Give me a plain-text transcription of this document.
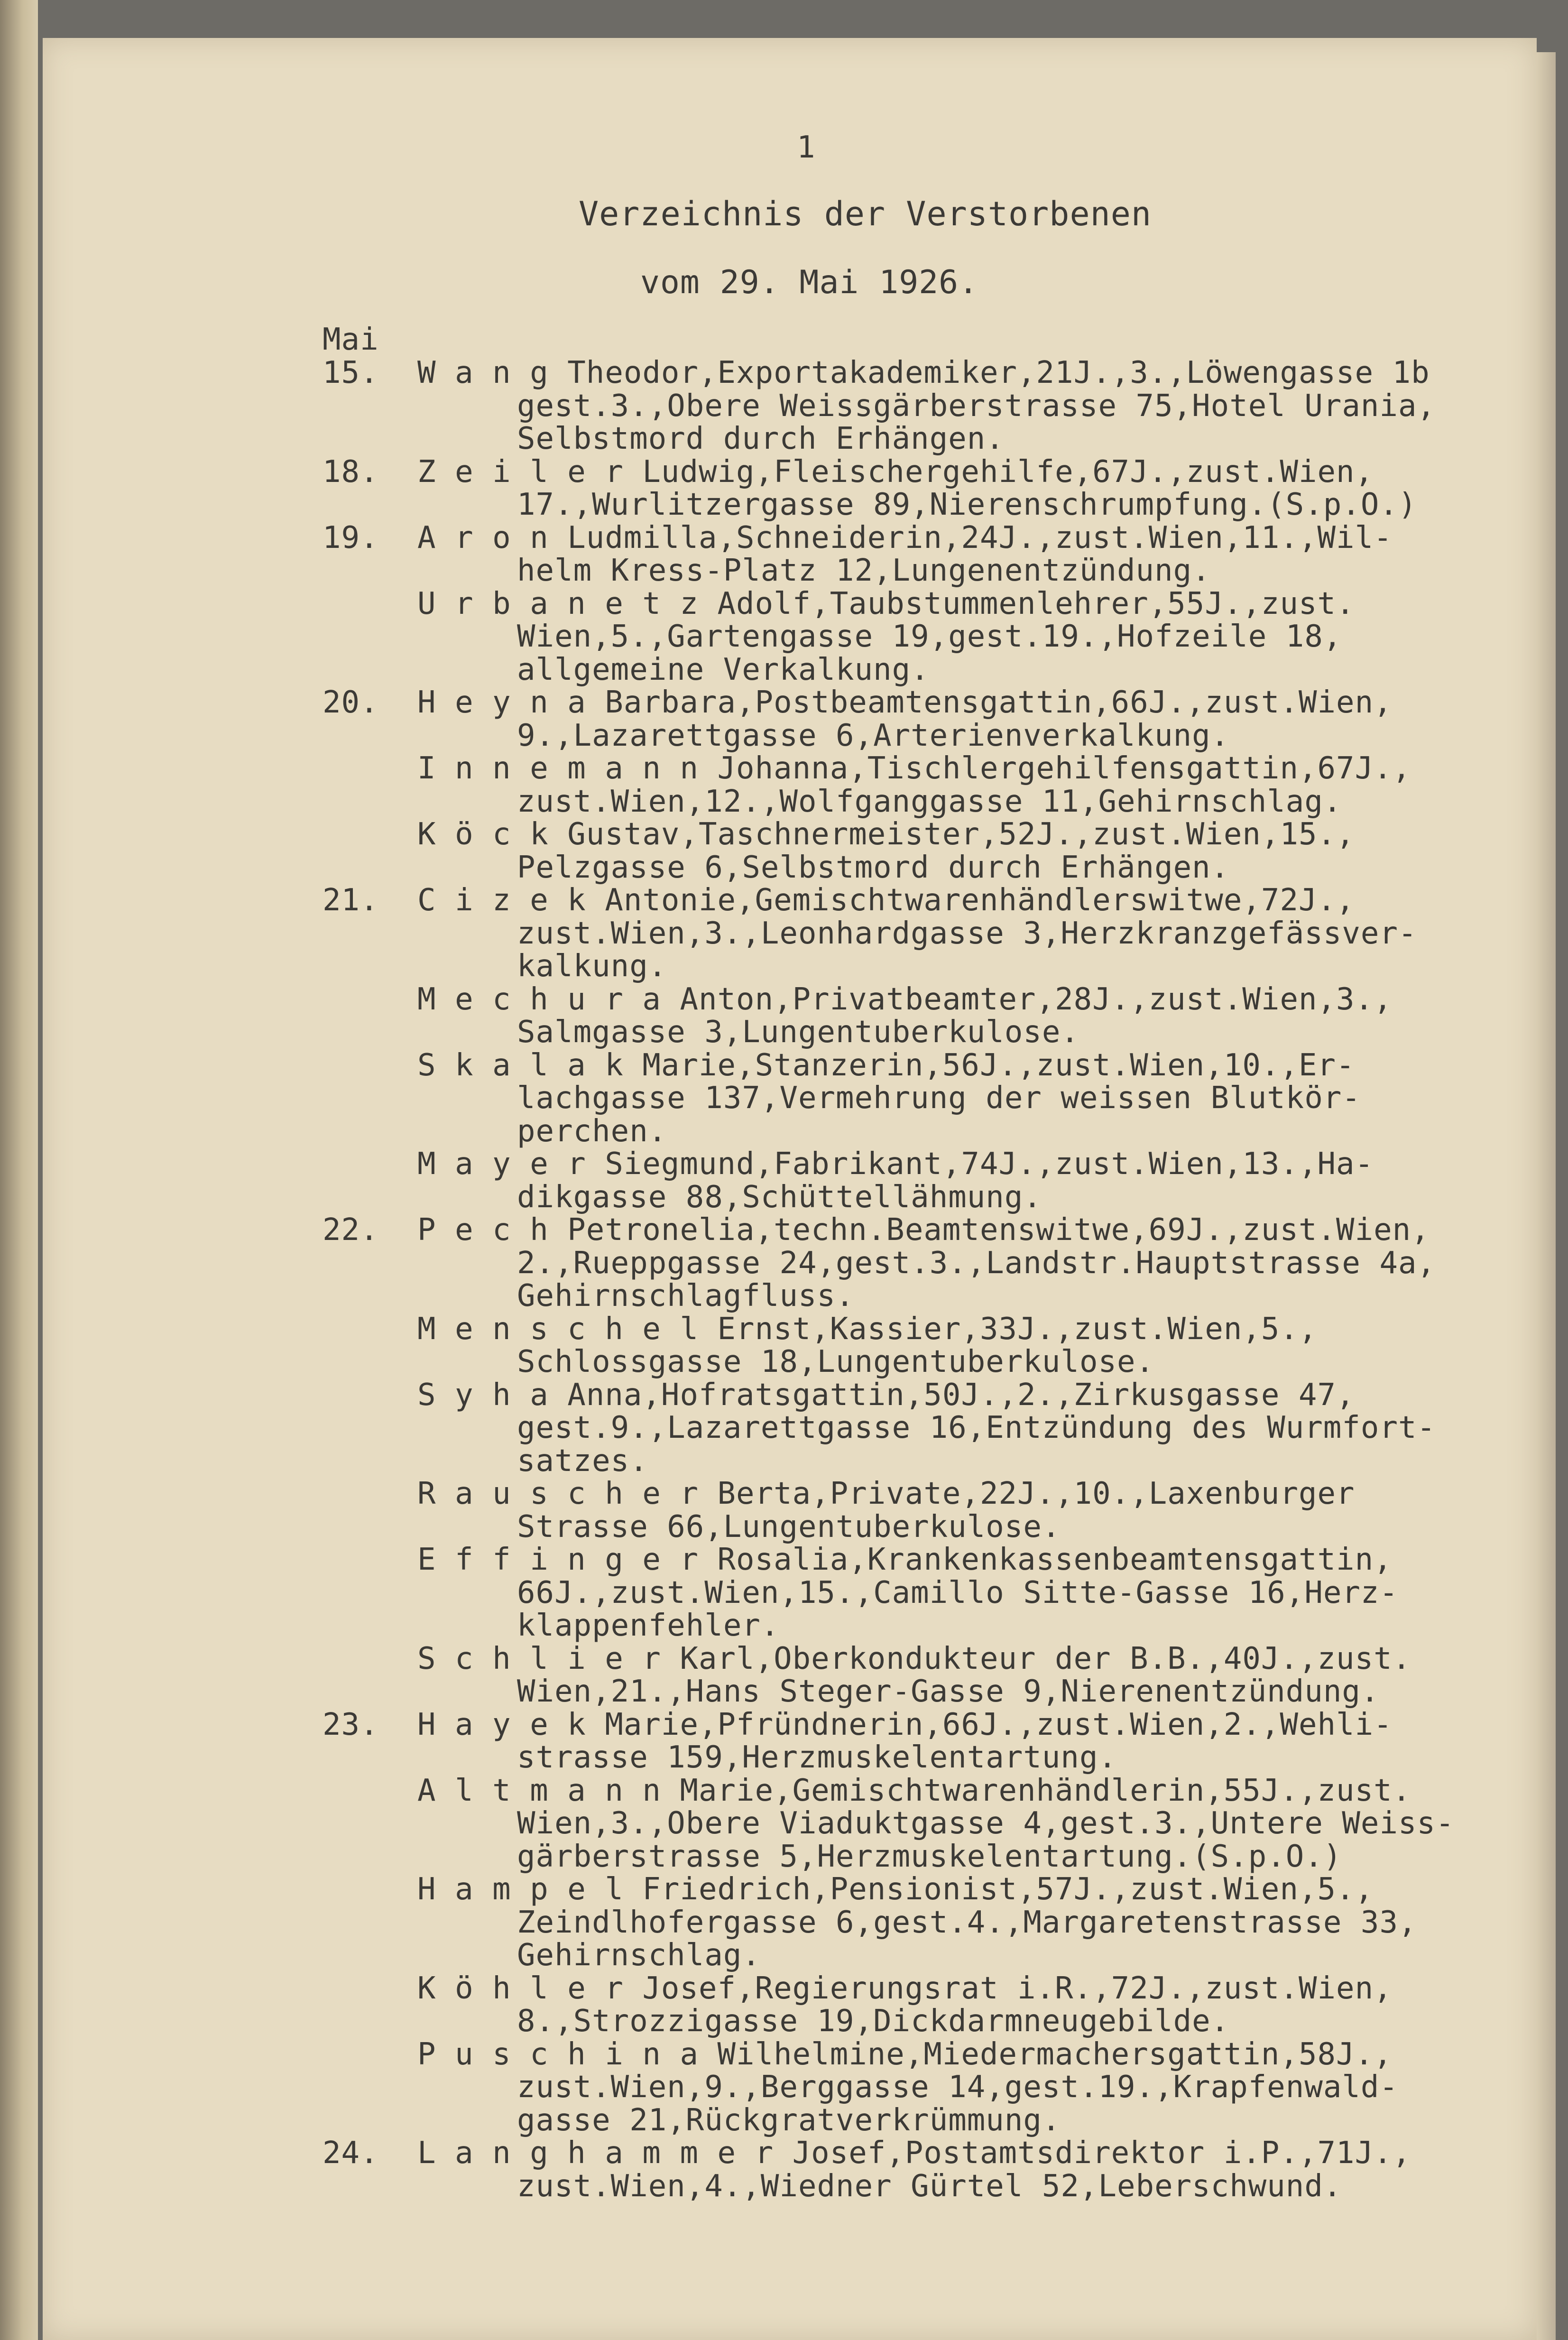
1
Verzeichnis der Verstorbenen
vom 29. Mai 1926.
Mai
15. W a n g Theodor,Exportakademiker,21J.,3.,Löwengasse 1b
gest.3.,Obere Weissgärberstrasse 75,Hotel Urania,
Selbstmord durch Erhängen.
18. Z e i l e r Ludwig,Fleischergehilfe,67J.,zust.Wien,
17.,Wurlitzergasse 89,Nierenschrumpfung.(S.p.O.)
19. A r o n Ludmilla,Schneiderin,24J.,zust.Wien,11.,Wil-
helm Kress-Platz 12,Lungenentzündung.
U r b a n e t z Adolf,Taubstummenlehrer,55J.,zust.
Wien,5.,Gartengasse 19,gest.19.,Hofzeile 18,
allgemeine Verkalkung.
20. H e y n a Barbara,Postbeamtensgattin,66J.,zust.Wien,
9.,Lazarettgasse 6,Arterienverkalkung.
I n n e m a n n Johanna,Tischlergehilfensgattin,67J.,
zust.Wien,12.,Wolfganggasse 11,Gehirnschlag.
K ö c k Gustav,Taschnermeister,52J.,zust.Wien,15.,
Pelzgasse 6,Selbstmord durch Erhängen.
21. C i z e k Antonie,Gemischtwarenhändlerswitwe,72J.,
zust.Wien,3.,Leonhardgasse 3,Herzkranzgefässver-
kalkung.
M e c h u r a Anton,Privatbeamter,28J.,zust.Wien,3.,
Salmgasse 3,Lungentuberkulose.
S k a l a k Marie,Stanzerin,56J.,zust.Wien,10.,Er-
lachgasse 137,Vermehrung der weissen Blutkör-
perchen.
M a y e r Siegmund,Fabrikant,74J.,zust.Wien,13.,Ha-
dikgasse 88,Schüttellähmung.
22. P e c h Petronelia,techn.Beamtenswitwe,69J.,zust.Wien,
2.,Rueppgasse 24,gest.3.,Landstr.Hauptstrasse 4a,
Gehirnschlagfluss.
M e n s c h e l Ernst,Kassier,33J.,zust.Wien,5.,
Schlossgasse 18,Lungentuberkulose.
S y h a Anna,Hofratsgattin,50J.,2.,Zirkusgasse 47,
gest.9.,Lazarettgasse 16,Entzündung des Wurmfort-
satzes.
R a u s c h e r Berta,Private,22J.,10.,Laxenburger
Strasse 66,Lungentuberkulose.
E f f i n g e r Rosalia,Krankenkassenbeamtensgattin,
66J.,zust.Wien,15.,Camillo Sitte-Gasse 16,Herz-
klappenfehler.
S c h l i e r Karl,Oberkondukteur der B.B.,40J.,zust.
Wien,21.,Hans Steger-Gasse 9,Nierenentzündung.
23. H a y e k Marie,Pfründnerin,66J.,zust.Wien,2.,Wehli-
strasse 159,Herzmuskelentartung.
A l t m a n n Marie,Gemischtwarenhändlerin,55J.,zust.
Wien,3.,Obere Viaduktgasse 4,gest.3.,Untere Weiss-
gärberstrasse 5,Herzmuskelentartung.(S.p.O.)
H a m p e l Friedrich,Pensionist,57J.,zust.Wien,5.,
Zeindlhofergasse 6,gest.4.,Margaretenstrasse 33,
Gehirnschlag.
K ö h l e r Josef,Regierungsrat i.R.,72J.,zust.Wien,
8.,Strozzigasse 19,Dickdarmneugebilde.
P u s c h i n a Wilhelmine,Miedermachersgattin,58J.,
zust.Wien,9.,Berggasse 14,gest.19.,Krapfenwald-
gasse 21,Rückgratverkrümmung.
24. L a n g h a m m e r Josef,Postamtsdirektor i.P.,71J.,
zust.Wien,4.,Wiedner Gürtel 52,Leberschwund.
